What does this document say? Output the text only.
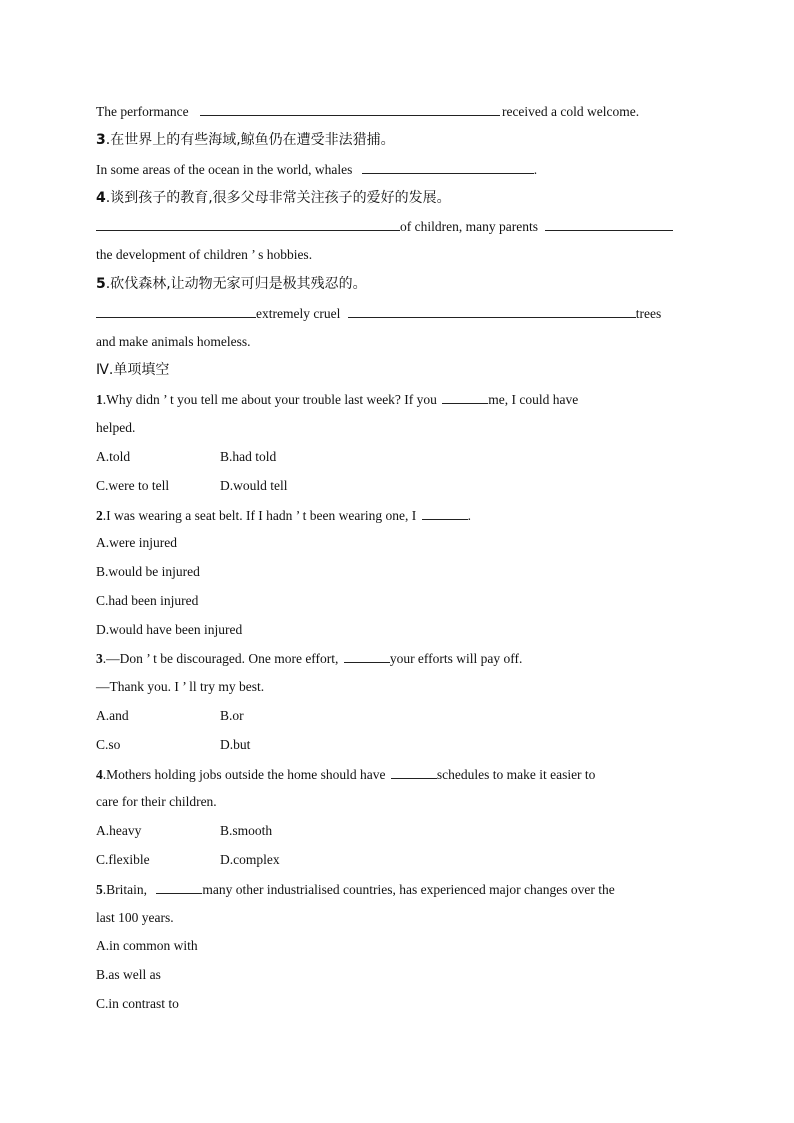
The performance	received a cold welcome.
3.在世界上的有些海域,鲸鱼仍在遭受非法猎捕。
In some areas of the ocean in the world, whales	.
4.谈到孩子的教育,很多父母非常关注孩子的爱好的发展。
of children, many parents
the development of children ’ s hobbies.
5.砍伐森林,让动物无家可归是极其残忍的。
extremely cruel	trees
and make animals homeless.
Ⅳ.单项填空
1.Why didn ’ t you tell me about your trouble last week? If you	me, I could have
helped.
A.told	B.had told
C.were to tell	D.would tell
2.I was wearing a seat belt. If I hadn ’ t been wearing one, I	.
A.were injured
B.would be injured
C.had been injured
D.would have been injured
3.—Don ’ t be discouraged. One more effort,	your efforts will pay off.
—Thank you. I ’ ll try my best.
A.and	B.or
C.so	D.but
4.Mothers holding jobs outside the home should have	schedules to make it easier to
care for their children.
A.heavy	B.smooth
C.flexible	D.complex
5.Britain,	many other industrialised countries, has experienced major changes over the
last 100 years.
A.in common with
B.as well as
C.in contrast to
